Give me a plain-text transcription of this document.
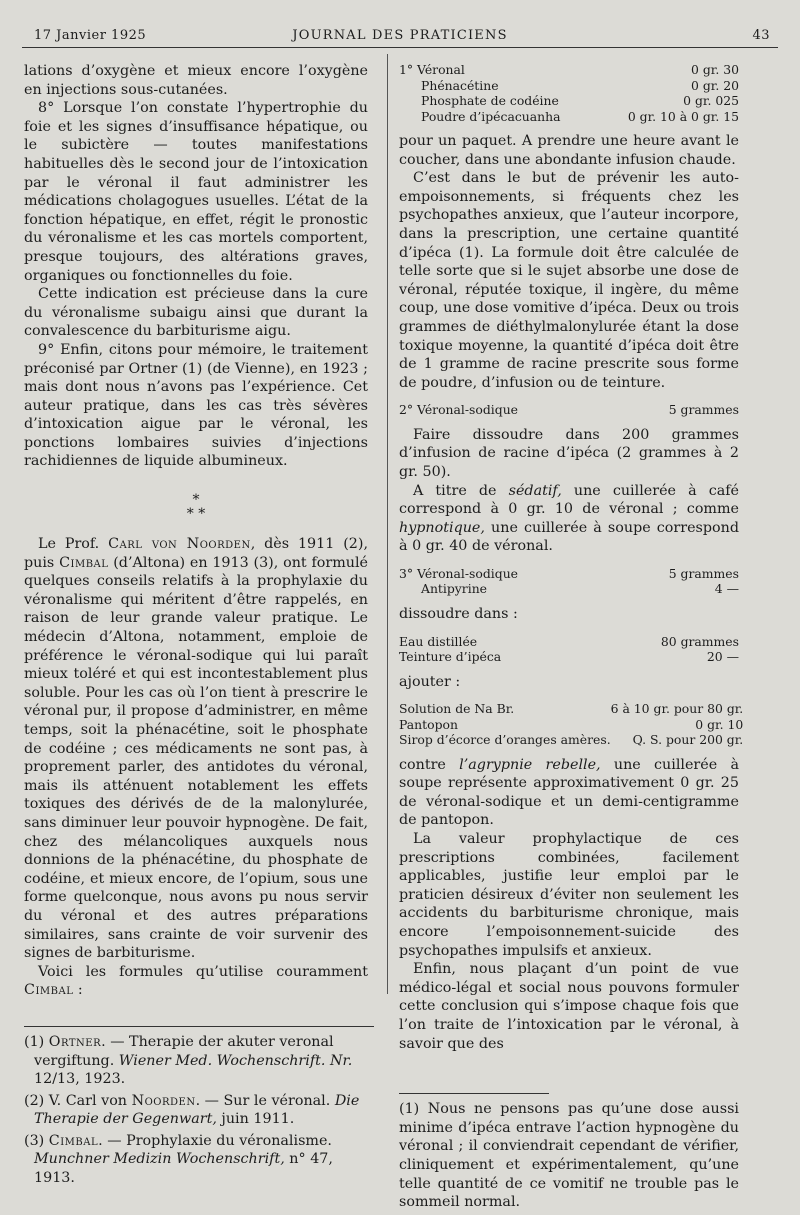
17 Janvier 1925	JOURNAL DES PRATICIENS	43

lations d’oxygène et mieux encore l’oxygène en injections sous-cutanées.

8° Lorsque l’on constate l’hypertrophie du foie et les signes d’insuffisance hépatique, ou le subictère — toutes manifestations habituelles dès le second jour de l’intoxication par le véronal il faut administrer les médications cholagogues usuelles. L’état de la fonction hépatique, en effet, régit le pronostic du véronalisme et les cas mortels comportent, presque toujours, des altérations graves, organiques ou fonctionnelles du foie.

Cette indication est précieuse dans la cure du véronalisme subaigu ainsi que durant la convalescence du barbiturisme aigu.

9° Enfin, citons pour mémoire, le traitement préconisé par Ortner (1) (de Vienne), en 1923 ; mais dont nous n’avons pas l’expérience. Cet auteur pratique, dans les cas très sévères d’intoxication aigue par le véronal, les ponctions lombaires suivies d’injections rachidiennes de liquide albumineux.

*
* *

Le Prof. Carl von Noorden, dès 1911 (2), puis Cimbal (d’Altona) en 1913 (3), ont formulé quelques conseils relatifs à la prophylaxie du véronalisme qui méritent d’être rappelés, en raison de leur grande valeur pratique. Le médecin d’Altona, notamment, emploie de préférence le véronal-sodique qui lui paraît mieux toléré et qui est incontestablement plus soluble. Pour les cas où l’on tient à prescrire le véronal pur, il propose d’administrer, en même temps, soit la phénacétine, soit le phosphate de codéine ; ces médicaments ne sont pas, à proprement parler, des antidotes du véronal, mais ils atténuent notablement les effets toxiques des dérivés de de la malonylurée, sans diminuer leur pouvoir hypnogène. De fait, chez des mélancoliques auxquels nous donnions de la phénacétine, du phosphate de codéine, et mieux encore, de l’opium, sous une forme quelconque, nous avons pu nous servir du véronal et des autres préparations similaires, sans crainte de voir survenir des signes de barbiturisme.

Voici les formules qu’utilise couramment Cimbal :

(1) Ortner. — Therapie der akuter veronal vergiftung. Wiener Med. Wochenschrift. Nr. 12/13, 1923.

(2) V. Carl von Noorden. — Sur le véronal. Die Therapie der Gegenwart, juin 1911.

(3) Cimbal. — Prophylaxie du véronalisme. Munchner Medizin Wochenschrift, n° 47, 1913.

1° Véronal	0 gr. 30
Phénacétine	0 gr. 20
Phosphate de codéine	0 gr. 025
Poudre d’ipécacuanha	0 gr. 10 à 0 gr. 15

pour un paquet. A prendre une heure avant le coucher, dans une abondante infusion chaude.

C’est dans le but de prévenir les auto-empoisonnements, si fréquents chez les psychopathes anxieux, que l’auteur incorpore, dans la prescription, une certaine quantité d’ipéca (1). La formule doit être calculée de telle sorte que si le sujet absorbe une dose de véronal, réputée toxique, il ingère, du même coup, une dose vomitive d’ipéca. Deux ou trois grammes de diéthylmalonylurée étant la dose toxique moyenne, la quantité d’ipéca doit être de 1 gramme de racine prescrite sous forme de poudre, d’infusion ou de teinture.

2° Véronal-sodique	5 grammes

Faire dissoudre dans 200 grammes d’infusion de racine d’ipéca (2 grammes à 2 gr. 50).

A titre de sédatif, une cuillerée à café correspond à 0 gr. 10 de véronal ; comme hypnotique, une cuillerée à soupe correspond à 0 gr. 40 de véronal.

3° Véronal-sodique	5 grammes
Antipyrine	4 —
dissoudre dans :
Eau distillée	80 grammes
Teinture d’ipéca	20 —
ajouter :
Solution de Na Br.	6 à 10 gr. pour 80 gr.
Pantopon	0 gr. 10
Sirop d’écorce d’oranges amères.	Q. S. pour 200 gr.

contre l’agrypnie rebelle, une cuillerée à soupe représente approximativement 0 gr. 25 de véronal-sodique et un demi-centigramme de pantopon.

La valeur prophylactique de ces prescriptions combinées, facilement applicables, justifie leur emploi par le praticien désireux d’éviter non seulement les accidents du barbiturisme chronique, mais encore l’empoisonnement-suicide des psychopathes impulsifs et anxieux.

Enfin, nous plaçant d’un point de vue médico-légal et social nous pouvons formuler cette conclusion qui s’impose chaque fois que l’on traite de l’intoxication par le véronal, à savoir que des

(1) Nous ne pensons pas qu’une dose aussi minime d’ipéca entrave l’action hypnogène du véronal ; il conviendrait cependant de vérifier, cliniquement et expérimentalement, qu’une telle quantité de ce vomitif ne trouble pas le sommeil normal.
